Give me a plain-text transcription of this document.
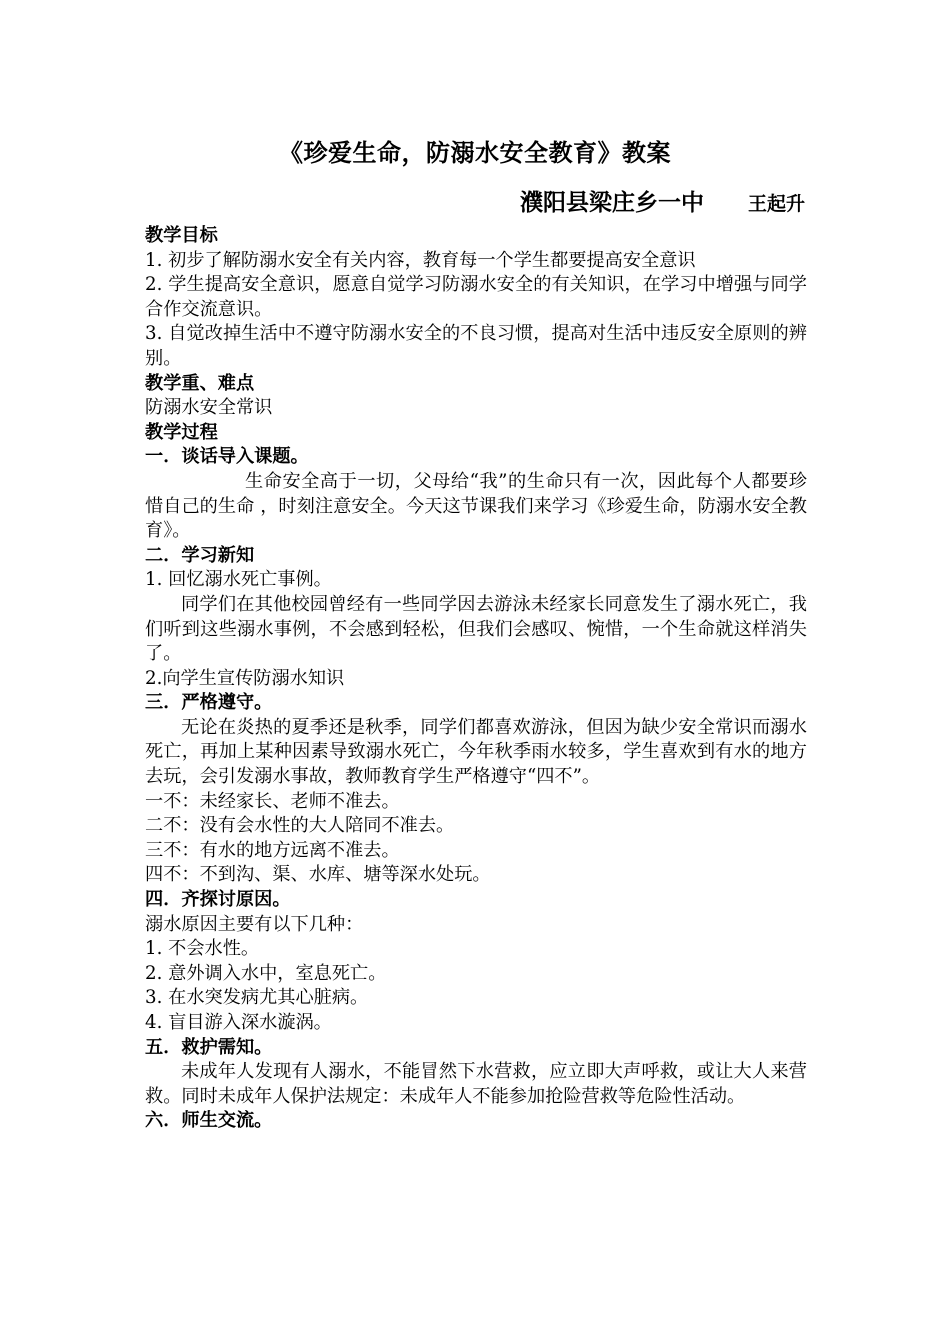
《珍爱生命，防溺水安全教育》教案
濮阳县梁庄乡一中 王起升

教学目标

1. 初步了解防溺水安全有关内容，教育每一个学生都要提高安全意识

2. 学生提高安全意识，愿意自觉学习防溺水安全的有关知识，在学习中增强与同学合作交流意识。

3. 自觉改掉生活中不遵守防溺水安全的不良习惯，提高对生活中违反安全原则的辨别。

教学重、难点

防溺水安全常识

教学过程

一．谈话导入课题。

生命安全高于一切，父母给“我”的生命只有一次，因此每个人都要珍惜自己的生命 ，时刻注意安全。今天这节课我们来学习《珍爱生命，防溺水安全教育》。

二．学习新知

1. 回忆溺水死亡事例。

同学们在其他校园曾经有一些同学因去游泳未经家长同意发生了溺水死亡，我们听到这些溺水事例，不会感到轻松，但我们会感叹、惋惜，一个生命就这样消失了。

2.向学生宣传防溺水知识

三．严格遵守。

无论在炎热的夏季还是秋季，同学们都喜欢游泳，但因为缺少安全常识而溺水死亡，再加上某种因素导致溺水死亡，今年秋季雨水较多，学生喜欢到有水的地方去玩，会引发溺水事故，教师教育学生严格遵守“四不”。

一不：未经家长、老师不准去。

二不：没有会水性的大人陪同不准去。

三不：有水的地方远离不准去。

四不：不到沟、渠、水库、塘等深水处玩。

四．齐探讨原因。

溺水原因主要有以下几种：

1. 不会水性。

2. 意外调入水中，室息死亡。

3. 在水突发病尤其心脏病。

4. 盲目游入深水漩涡。

五．救护需知。

未成年人发现有人溺水，不能冒然下水营救，应立即大声呼救，或让大人来营救。同时未成年人保护法规定：未成年人不能参加抢险营救等危险性活动。

六．师生交流。
